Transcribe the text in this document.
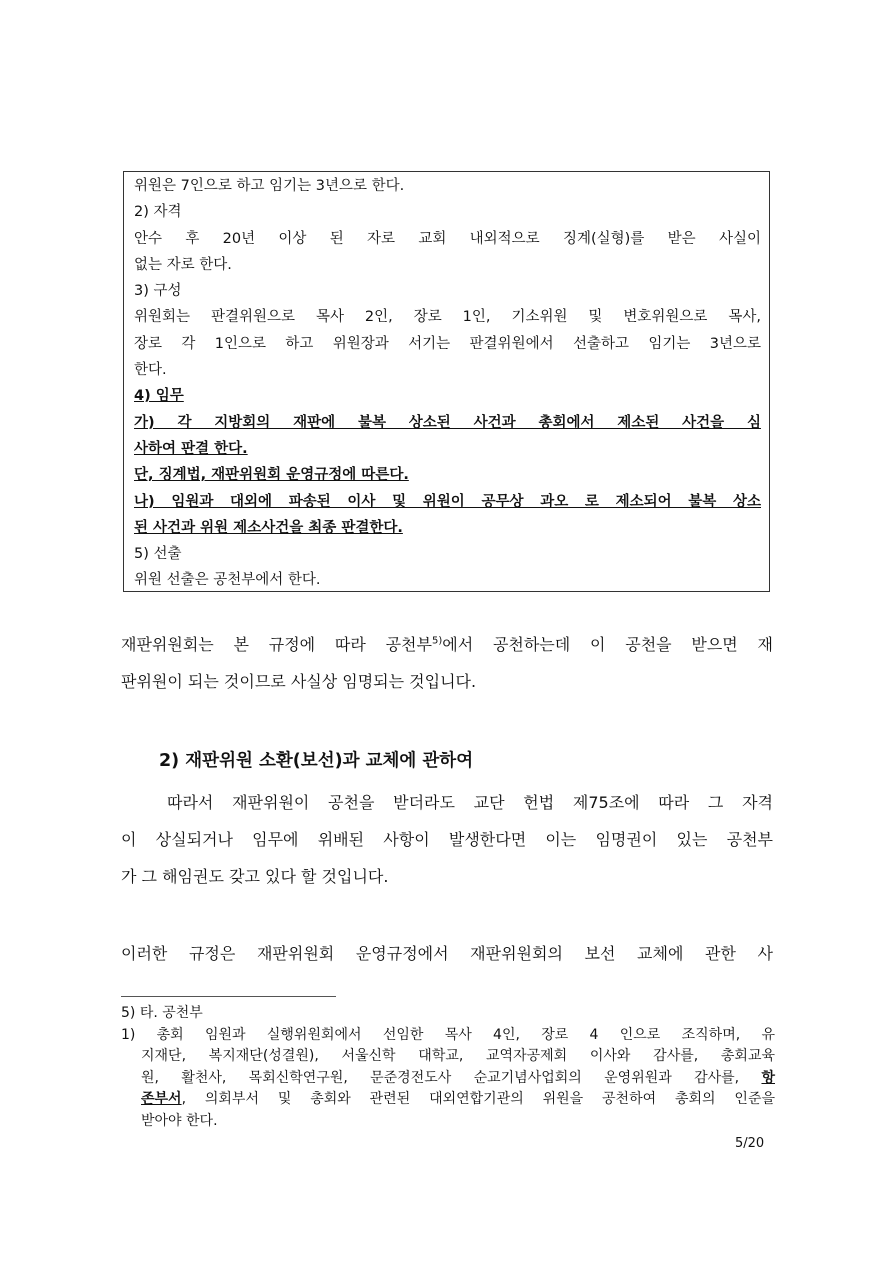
위원은 7인으로 하고 임기는 3년으로 한다.
2) 자격
안수 후 20년 이상 된 자로 교회 내외적으로 징계(실형)를 받은 사실이
없는 자로 한다.
3) 구성
위원회는 판결위원으로 목사 2인, 장로 1인, 기소위원 및 변호위원으로 목사,
장로 각 1인으로 하고 위원장과 서기는 판결위원에서 선출하고 임기는 3년으로
한다.
4) 임무
가) 각 지방회의 재판에 불복 상소된 사건과 총회에서 제소된 사건을 심
사하여 판결 한다.
단, 징계법, 재판위원회 운영규정에 따른다.
나) 임원과 대외에 파송된 이사 및 위원이 공무상 과오 로 제소되어 불복 상소
된 사건과 위원 제소사건을 최종 판결한다.
5) 선출
위원 선출은 공천부에서 한다.
재판위원회는 본 규정에 따라 공천부$^{5)}$에서 공천하는데 이 공천을 받으면 재
판위원이 되는 것이므로 사실상 임명되는 것입니다.
2) 재판위원 소환(보선)과 교체에 관하여
따라서 재판위원이 공천을 받더라도 교단 헌법 제75조에 따라 그 자격
이 상실되거나 임무에 위배된 사항이 발생한다면 이는 임명권이 있는 공천부
가 그 해임권도 갖고 있다 할 것입니다.
이러한 규정은 재판위원회 운영규정에서 재판위원회의 보선 교체에 관한 사
5) 타. 공천부
1) 총회 임원과 실행위원회에서 선임한 목사 4인, 장로 4 인으로 조직하며, 유
지재단, 복지재단(성결원), 서울신학 대학교, 교역자공제회 이사와 감사를, 총회교육
원, 활천사, 목회신학연구원, 문준경전도사 순교기념사업회의 운영위원과 감사를, 항
존부서, 의회부서 및 총회와 관련된 대외연합기관의 위원을 공천하여 총회의 인준을
받아야 한다.
5/20
